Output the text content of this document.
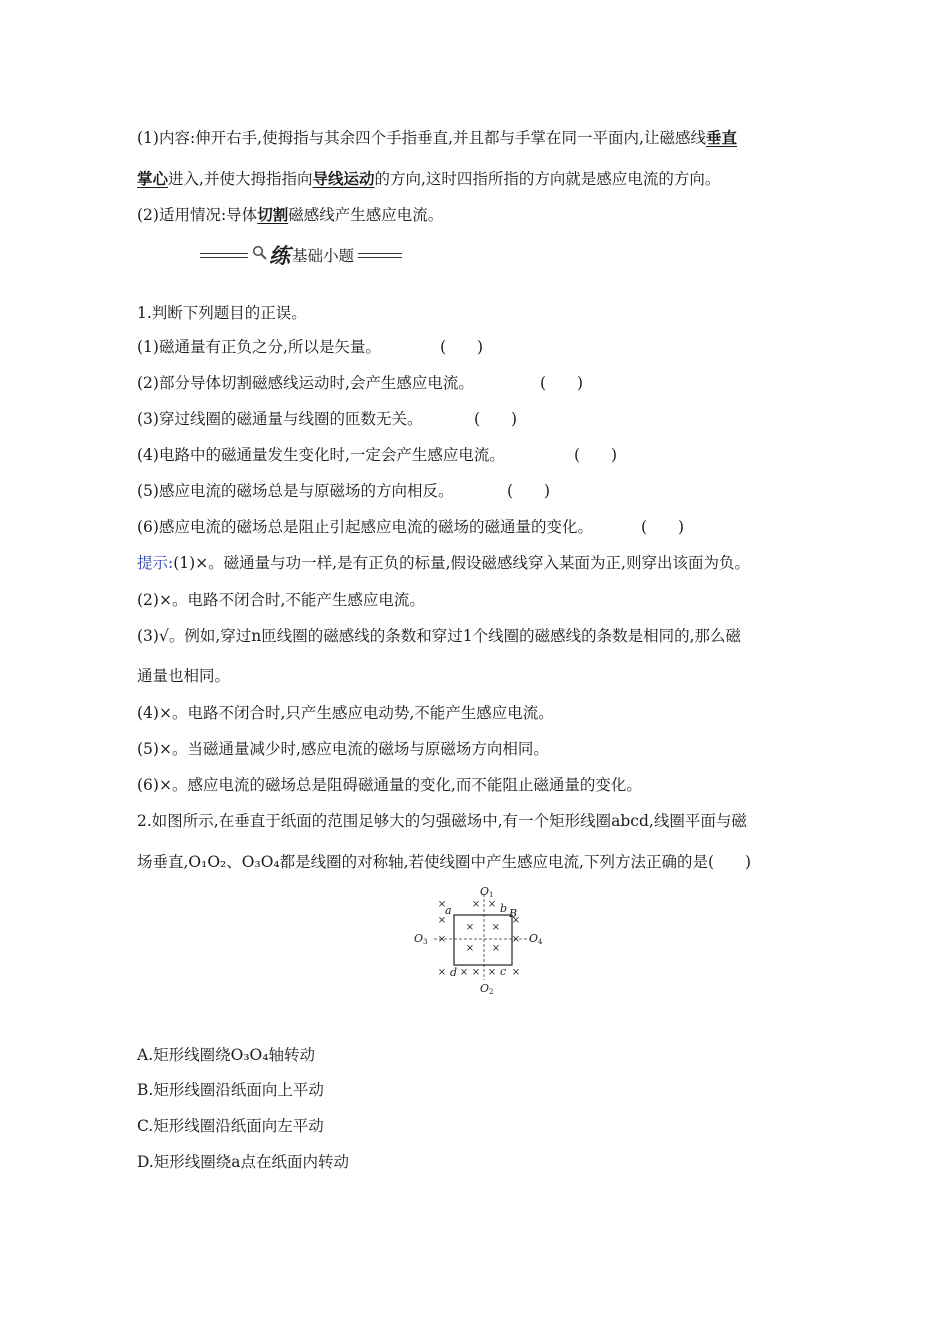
(1)内容:伸开右手,使拇指与其余四个手指垂直,并且都与手掌在同一平面内,让磁感线垂直
掌心进入,并使大拇指指向导线运动的方向,这时四指所指的方向就是感应电流的方向。
(2)适用情况:导体切割磁感线产生感应电流。
练 基础小题
1.判断下列题目的正误。
(1)磁通量有正负之分,所以是矢量。	(　　)
(2)部分导体切割磁感线运动时,会产生感应电流。	(　　)
(3)穿过线圈的磁通量与线圈的匝数无关。	(　　)
(4)电路中的磁通量发生变化时,一定会产生感应电流。	(　　)
(5)感应电流的磁场总是与原磁场的方向相反。	(　　)
(6)感应电流的磁场总是阻止引起感应电流的磁场的磁通量的变化。	(　　)
提示:(1)×。磁通量与功一样,是有正负的标量,假设磁感线穿入某面为正,则穿出该面为负。
(2)×。电路不闭合时,不能产生感应电流。
(3)√。例如,穿过n匝线圈的磁感线的条数和穿过1个线圈的磁感线的条数是相同的,那么磁
通量也相同。
(4)×。电路不闭合时,只产生感应电动势,不能产生感应电流。
(5)×。当磁通量减少时,感应电流的磁场与原磁场方向相同。
(6)×。感应电流的磁场总是阻碍磁通量的变化,而不能阻止磁通量的变化。
2.如图所示,在垂直于纸面的范围足够大的匀强磁场中,有一个矩形线圈abcd,线圈平面与磁
场垂直,O₁O₂、O₃O₄都是线圈的对称轴,若使线圈中产生感应电流,下列方法正确的是(　　)
×	× ×
×	×
× ×
×	×
× ×
× × × × ×
a	b B
c
d
O1
O2
O3	O4
A.矩形线圈绕O₃O₄轴转动
B.矩形线圈沿纸面向上平动
C.矩形线圈沿纸面向左平动
D.矩形线圈绕a点在纸面内转动
